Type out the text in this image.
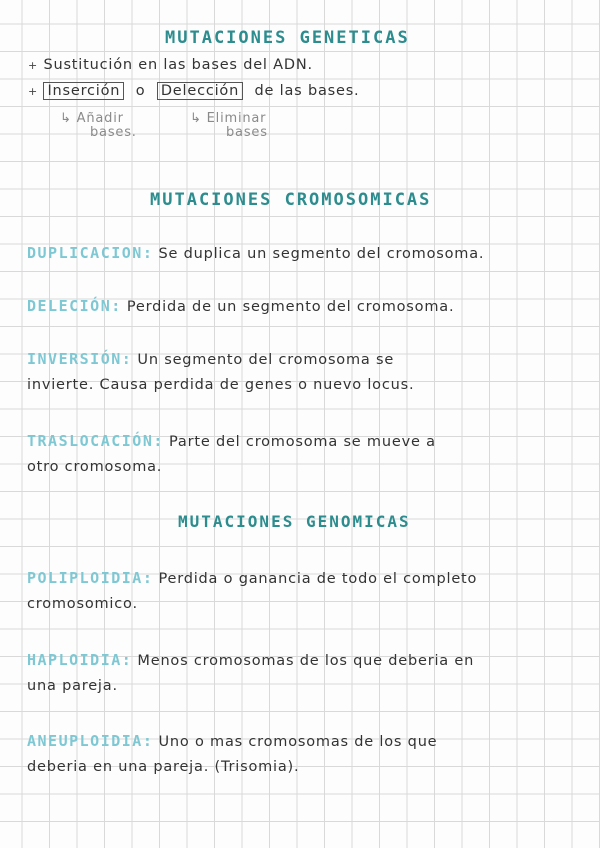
MUTACIONES GENETICAS
+ Sustitución en las bases del ADN.
+ Inserción o Delección de las bases.
↳ Añadir
bases.
↳ Eliminar
bases
MUTACIONES CROMOSOMICAS
DUPLICACION: Se duplica un segmento del cromosoma.
DELECIÓN: Perdida de un segmento del cromosoma.
INVERSIÓN: Un segmento del cromosoma se
invierte. Causa perdida de genes o nuevo locus.
TRASLOCACIÓN: Parte del cromosoma se mueve a
otro cromosoma.
MUTACIONES GENOMICAS
POLIPLOIDIA: Perdida o ganancia de todo el completo
cromosomico.
HAPLOIDIA: Menos cromosomas de los que deberia en
una pareja.
ANEUPLOIDIA: Uno o mas cromosomas de los que
deberia en una pareja. (Trisomia).
